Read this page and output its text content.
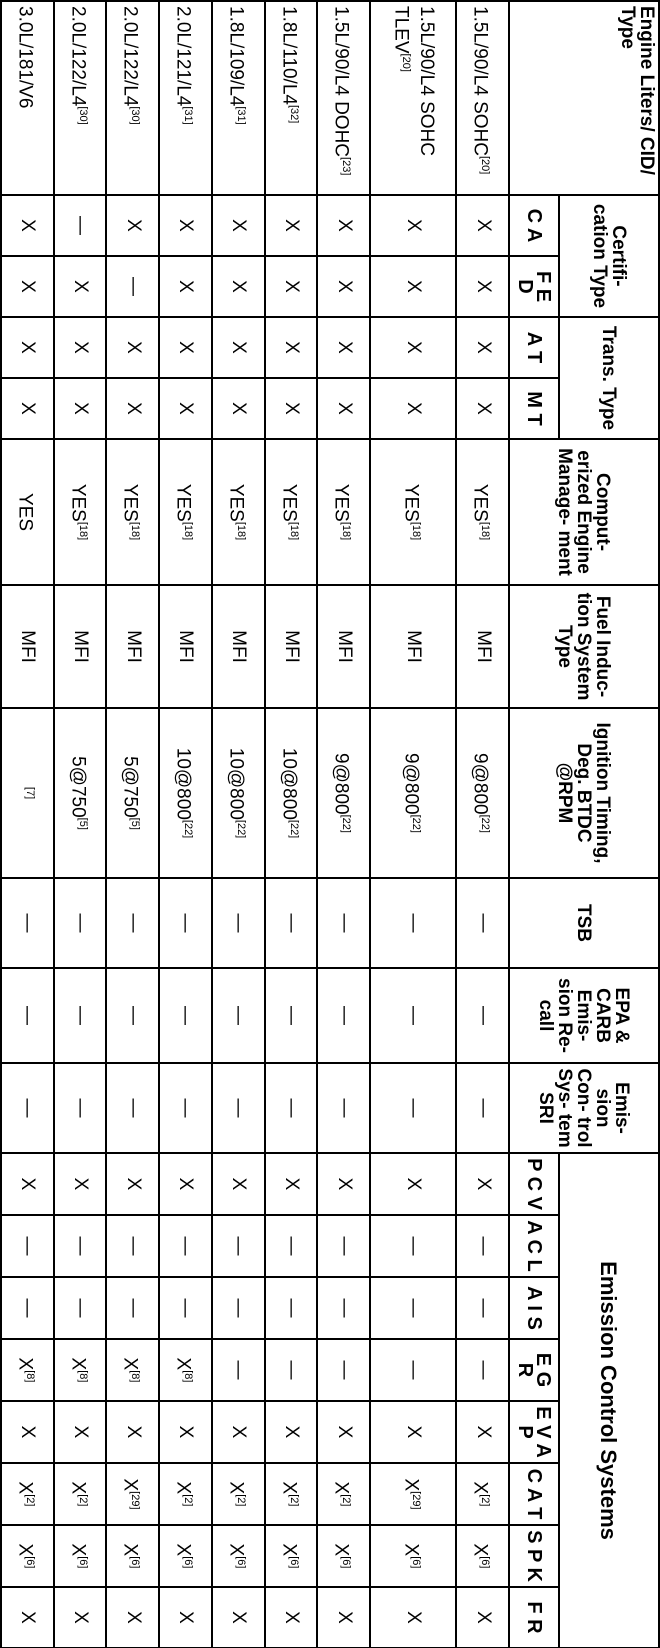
Engine Liters/ CID/ Type	Certifi- cation Type		Trans. Type		Comput- erized Engine Manage- ment	Fuel Induc- tion System Type	Ignition Timing, Deg. BTDC @RPM	TSB	EPA & CARB Emis- sion Re- call	Emis- sion Con- trol Sys- tem SRI	Emission Control Systems							
	C A	F E D	A T	M T							P C V	A C L	A I S	E G R	E V A P	C A T	S P K	F R
1.5L/90/L4 SOHC[20]	X	X	X	X	YES[18]	MFI	9@800[22]	—	—	—	X	—	—	—	X	X[2]	X[6]	X
1.5L/90/L4 SOHC TLEV[20]	X	X	X	X	YES[18]	MFI	9@800[22]	—	—	—	X	—	—	—	X	X[29]	X[6]	X
1.5L/90/L4 DOHC[23]	X	X	X	X	YES[18]	MFI	9@800[22]	—	—	—	X	—	—	—	X	X[2]	X[6]	X
1.8L/110/L4[32]	X	X	X	X	YES[18]	MFI	10@800[22]	—	—	—	X	—	—	—	X	X[2]	X[6]	X
1.8L/109/L4[31]	X	X	X	X	YES[18]	MFI	10@800[22]	—	—	—	X	—	—	—	X	X[2]	X[6]	X
2.0L/121/L4[31]	X	X	X	X	YES[18]	MFI	10@800[22]	—	—	—	X	—	—	X[8]	X	X[2]	X[6]	X
2.0L/122/L4[30]	X	—	X	X	YES[18]	MFI	5@750[5]	—	—	—	X	—	—	X[8]	X	X[29]	X[6]	X
2.0L/122/L4[30]	—	X	X	X	YES[18]	MFI	5@750[5]	—	—	—	X	—	—	X[8]	X	X[2]	X[6]	X
3.0L/181/V6	X	X	X	X	YES	MFI	[7]	—	—	—	X	—	—	X[8]	X	X[2]	X[6]	X
